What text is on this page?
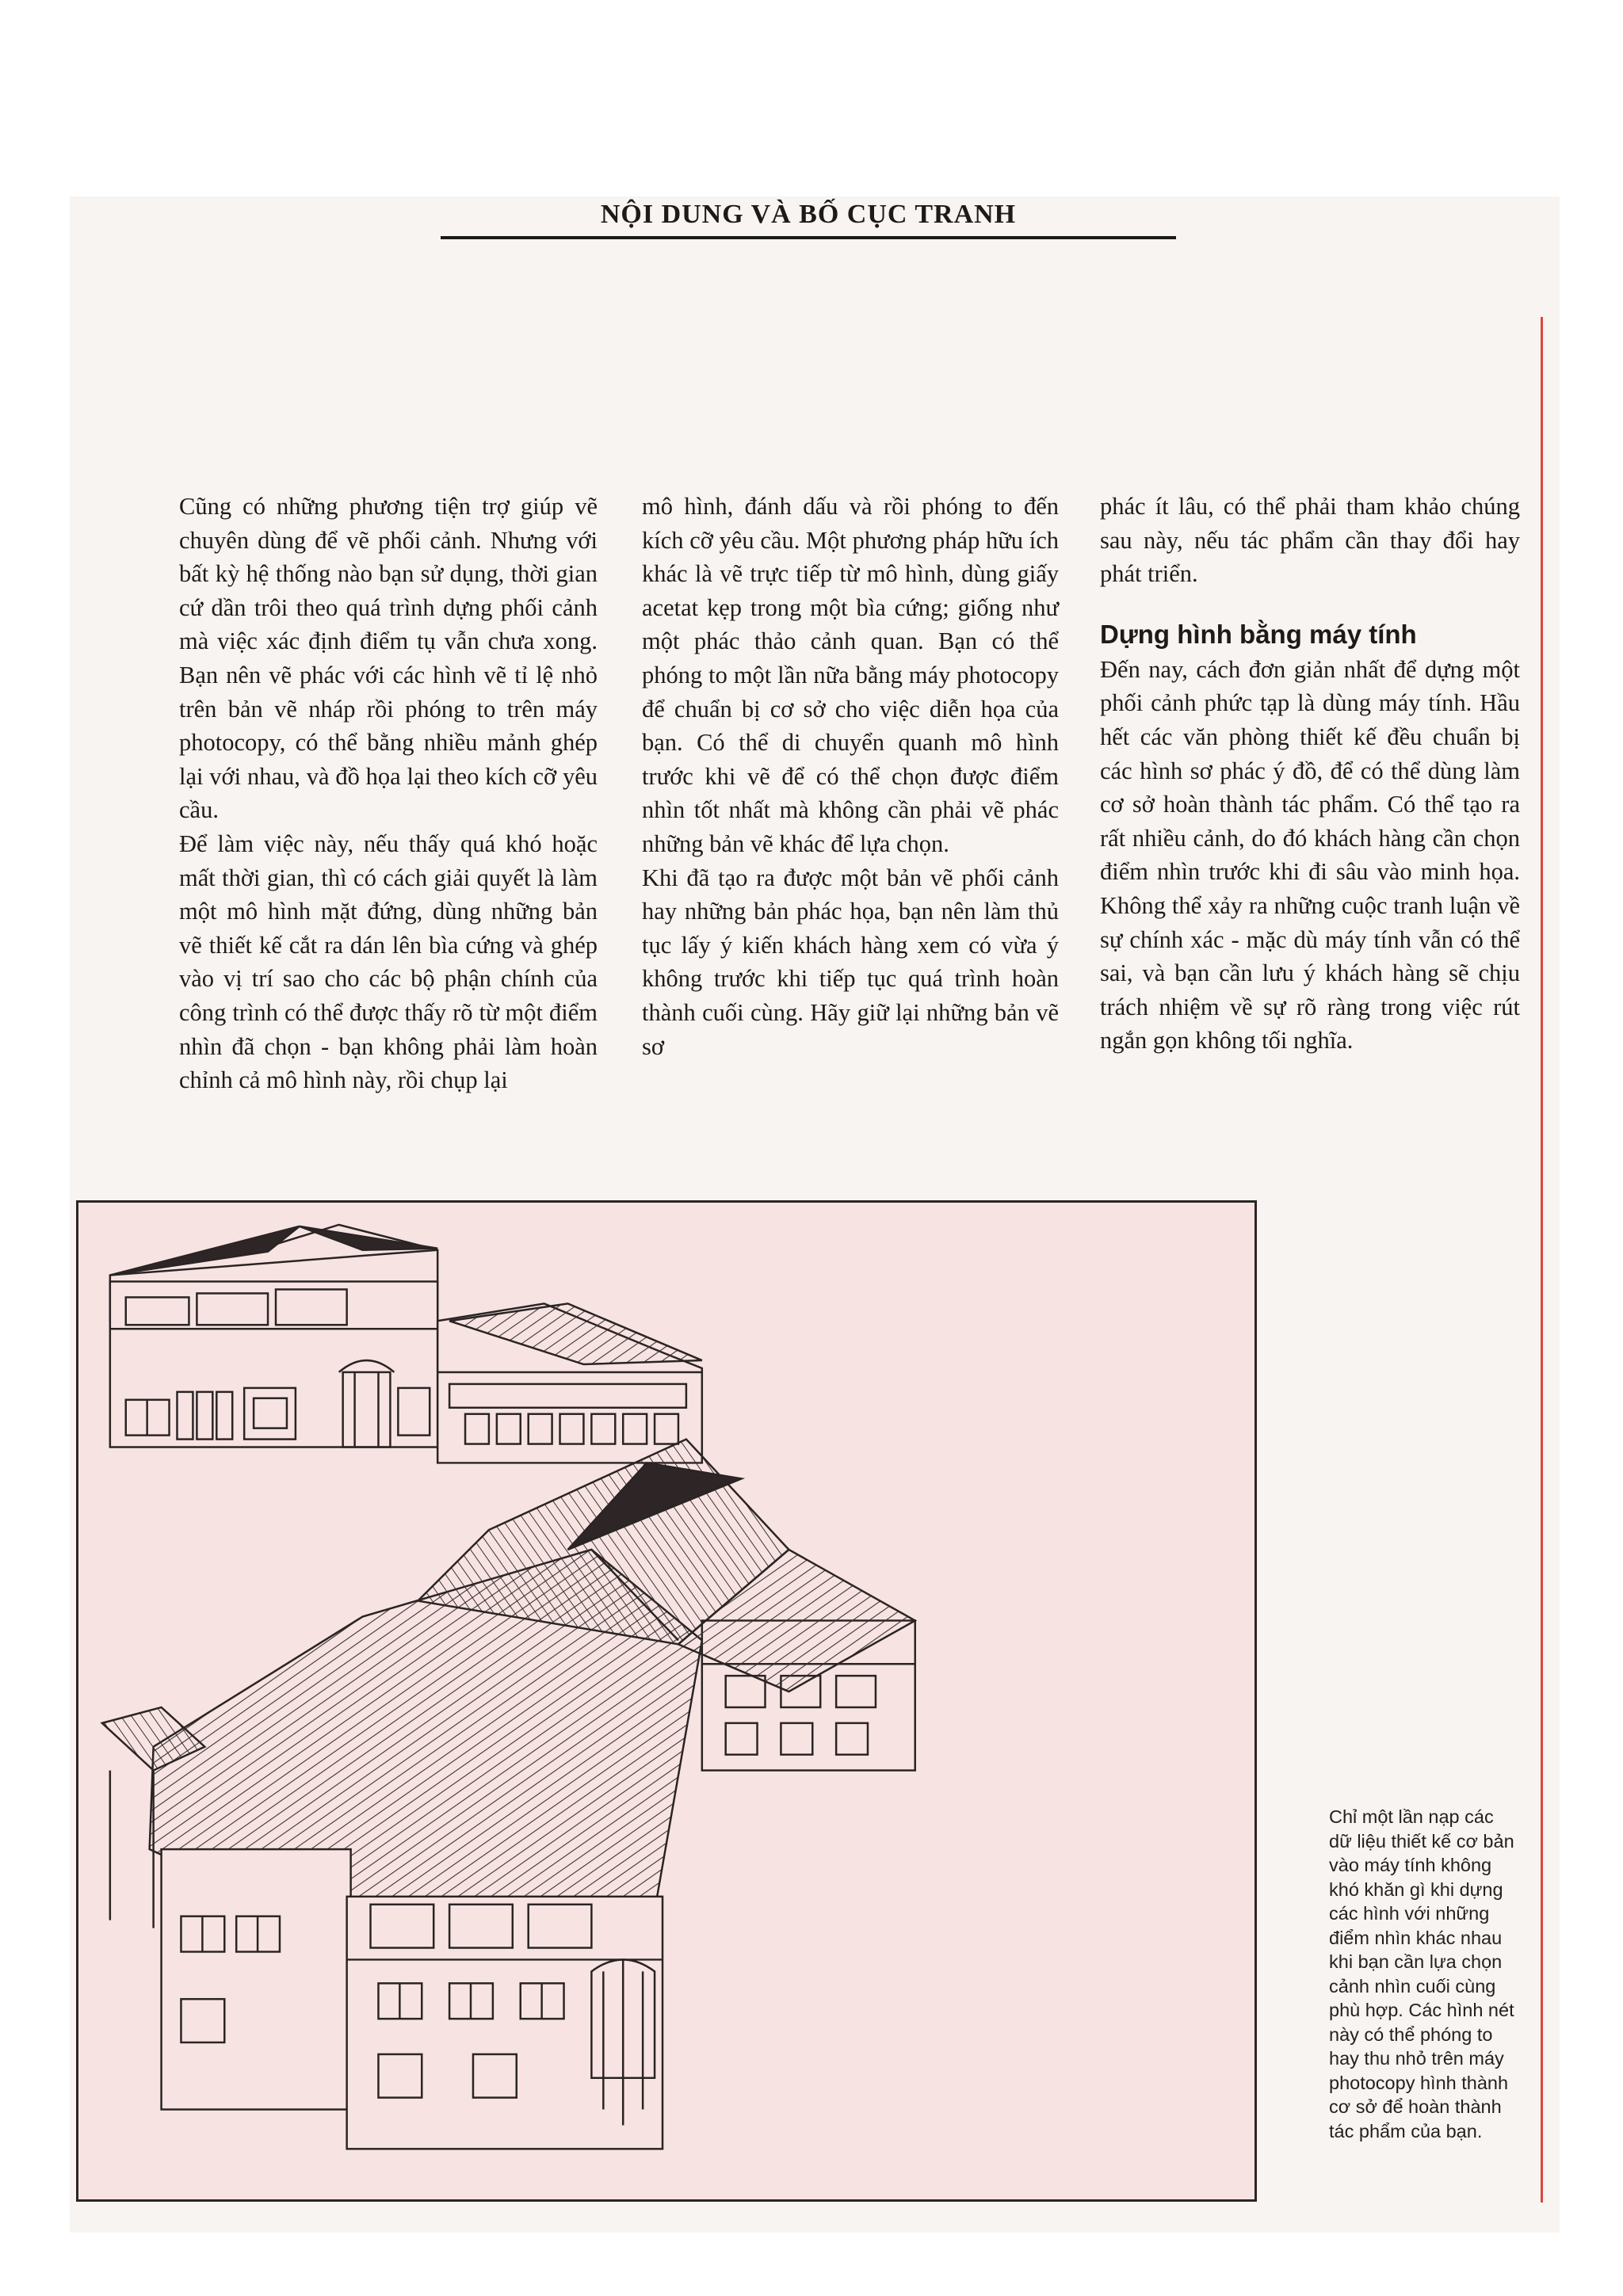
NỘI DUNG VÀ BỐ CỤC TRANH

Cũng có những phương tiện trợ giúp vẽ chuyên dùng để vẽ phối cảnh. Nhưng với bất kỳ hệ thống nào bạn sử dụng, thời gian cứ dần trôi theo quá trình dựng phối cảnh mà việc xác định điểm tụ vẫn chưa xong. Bạn nên vẽ phác với các hình vẽ tỉ lệ nhỏ trên bản vẽ nháp rồi phóng to trên máy photocopy, có thể bằng nhiều mảnh ghép lại với nhau, và đồ họa lại theo kích cỡ yêu cầu.

Để làm việc này, nếu thấy quá khó hoặc mất thời gian, thì có cách giải quyết là làm một mô hình mặt đứng, dùng những bản vẽ thiết kế cắt ra dán lên bìa cứng và ghép vào vị trí sao cho các bộ phận chính của công trình có thể được thấy rõ từ một điểm nhìn đã chọn - bạn không phải làm hoàn chỉnh cả mô hình này, rồi chụp lại

mô hình, đánh dấu và rồi phóng to đến kích cỡ yêu cầu. Một phương pháp hữu ích khác là vẽ trực tiếp từ mô hình, dùng giấy acetat kẹp trong một bìa cứng; giống như một phác thảo cảnh quan. Bạn có thể phóng to một lần nữa bằng máy photocopy để chuẩn bị cơ sở cho việc diễn họa của bạn. Có thể di chuyển quanh mô hình trước khi vẽ để có thể chọn được điểm nhìn tốt nhất mà không cần phải vẽ phác những bản vẽ khác để lựa chọn.

Khi đã tạo ra được một bản vẽ phối cảnh hay những bản phác họa, bạn nên làm thủ tục lấy ý kiến khách hàng xem có vừa ý không trước khi tiếp tục quá trình hoàn thành cuối cùng. Hãy giữ lại những bản vẽ sơ

phác ít lâu, có thể phải tham khảo chúng sau này, nếu tác phẩm cần thay đổi hay phát triển.

Dựng hình bằng máy tính

Đến nay, cách đơn giản nhất để dựng một phối cảnh phức tạp là dùng máy tính. Hầu hết các văn phòng thiết kế đều chuẩn bị các hình sơ phác ý đồ, để có thể dùng làm cơ sở hoàn thành tác phẩm. Có thể tạo ra rất nhiều cảnh, do đó khách hàng cần chọn điểm nhìn trước khi đi sâu vào minh họa. Không thể xảy ra những cuộc tranh luận về sự chính xác - mặc dù máy tính vẫn có thể sai, và bạn cần lưu ý khách hàng sẽ chịu trách nhiệm về sự rõ ràng trong việc rút ngắn gọn không tối nghĩa.

Chỉ một lần nạp các dữ liệu thiết kế cơ bản vào máy tính không khó khăn gì khi dựng các hình với những điểm nhìn khác nhau khi bạn cần lựa chọn cảnh nhìn cuối cùng phù hợp. Các hình nét này có thể phóng to hay thu nhỏ trên máy photocopy hình thành cơ sở để hoàn thành tác phẩm của bạn.
